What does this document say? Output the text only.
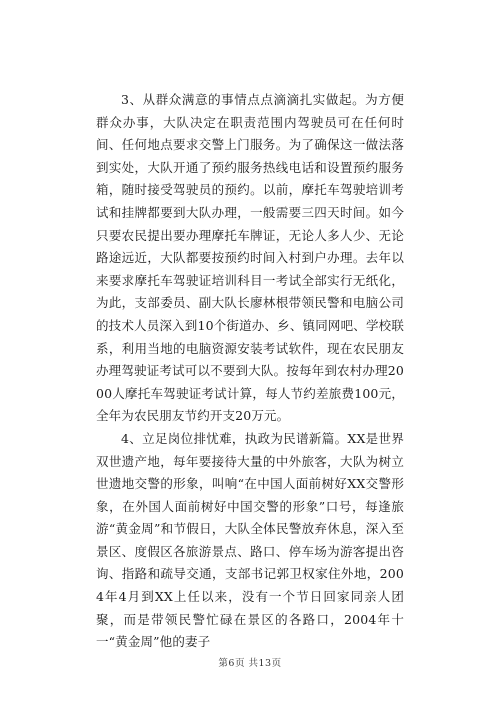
3、从群众满意的事情点点滴滴扎实做起。为方便群众办事，大队决定在职责范围内驾驶员可在任何时间、任何地点要求交警上门服务。为了确保这一做法落到实处，大队开通了预约服务热线电话和设置预约服务箱，随时接受驾驶员的预约。以前，摩托车驾驶培训考试和挂牌都要到大队办理，一般需要三四天时间。如今只要农民提出要办理摩托车牌证，无论人多人少、无论路途远近，大队都要按预约时间入村到户办理。去年以来要求摩托车驾驶证培训科目一考试全部实行无纸化，为此，支部委员、副大队长廖林根带领民警和电脑公司的技术人员深入到10个街道办、乡、镇同网吧、学校联系，利用当地的电脑资源安装考试软件，现在农民朋友办理驾驶证考试可以不要到大队。按每年到农村办理2000人摩托车驾驶证考试计算，每人节约差旅费100元，全年为农民朋友节约开支20万元。

4、立足岗位排忧难，执政为民谱新篇。XX是世界双世遗产地，每年要接待大量的中外旅客，大队为树立世遗地交警的形象，叫响“在中国人面前树好XX交警形象，在外国人面前树好中国交警的形象”口号，每逢旅游“黄金周”和节假日，大队全体民警放弃休息，深入至景区、度假区各旅游景点、路口、停车场为游客提出咨询、指路和疏导交通，支部书记郭卫权家住外地，2004年4月到XX上任以来，没有一个节日回家同亲人团聚，而是带领民警忙碌在景区的各路口，2004年十一“黄金周”他的妻子

第6页 共13页
